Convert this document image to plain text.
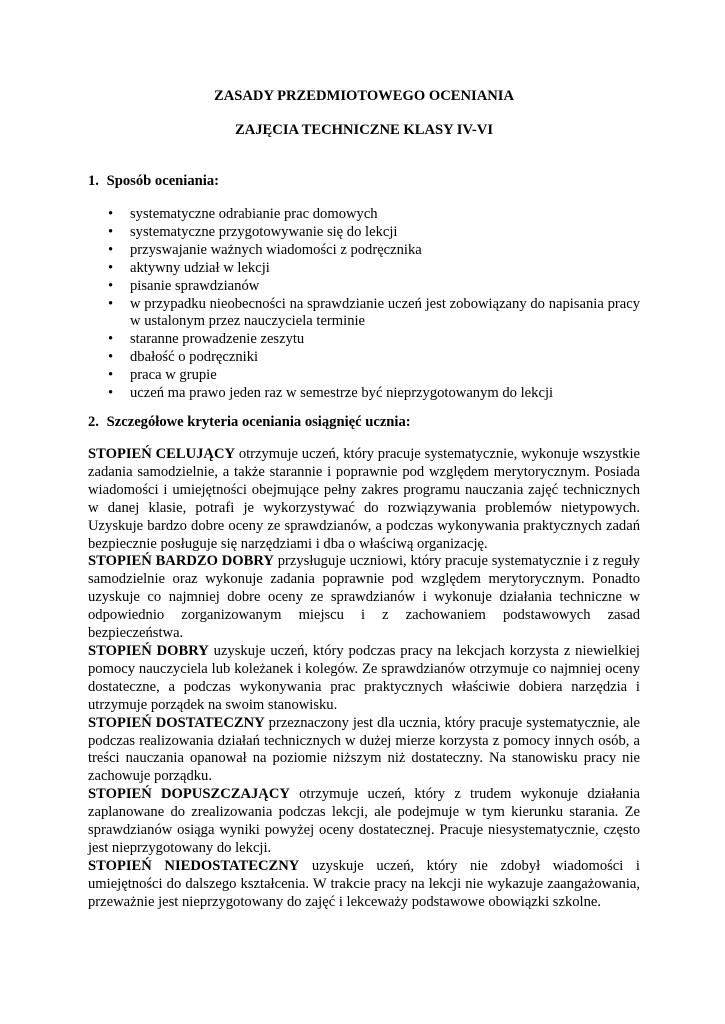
ZASADY PRZEDMIOTOWEGO OCENIANIA

ZAJĘCIA TECHNICZNE KLASY IV-VI

1. Sposób oceniania:

• systematyczne odrabianie prac domowych
• systematyczne przygotowywanie się do lekcji
• przyswajanie ważnych wiadomości z podręcznika
• aktywny udział w lekcji
• pisanie sprawdzianów
• w przypadku nieobecności na sprawdzianie uczeń jest zobowiązany do napisania pracy w ustalonym przez nauczyciela terminie
• staranne prowadzenie zeszytu
• dbałość o podręczniki
• praca w grupie
• uczeń ma prawo jeden raz w semestrze być nieprzygotowanym do lekcji

2. Szczegółowe kryteria oceniania osiągnięć ucznia:

STOPIEŃ CELUJĄCY otrzymuje uczeń, który pracuje systematycznie, wykonuje wszystkie zadania samodzielnie, a także starannie i poprawnie pod względem merytorycznym. Posiada wiadomości i umiejętności obejmujące pełny zakres programu nauczania zajęć technicznych w danej klasie, potrafi je wykorzystywać do rozwiązywania problemów nietypowych. Uzyskuje bardzo dobre oceny ze sprawdzianów, a podczas wykonywania praktycznych zadań bezpiecznie posługuje się narzędziami i dba o właściwą organizację.

STOPIEŃ BARDZO DOBRY przysługuje uczniowi, który pracuje systematycznie i z reguły samodzielnie oraz wykonuje zadania poprawnie pod względem merytorycznym. Ponadto uzyskuje co najmniej dobre oceny ze sprawdzianów i wykonuje działania techniczne w odpowiednio zorganizowanym miejscu i z zachowaniem podstawowych zasad bezpieczeństwa.

STOPIEŃ DOBRY uzyskuje uczeń, który podczas pracy na lekcjach korzysta z niewielkiej pomocy nauczyciela lub koleżanek i kolegów. Ze sprawdzianów otrzymuje co najmniej oceny dostateczne, a podczas wykonywania prac praktycznych właściwie dobiera narzędzia i utrzymuje porządek na swoim stanowisku.

STOPIEŃ DOSTATECZNY przeznaczony jest dla ucznia, który pracuje systematycznie, ale podczas realizowania działań technicznych w dużej mierze korzysta z pomocy innych osób, a treści nauczania opanował na poziomie niższym niż dostateczny. Na stanowisku pracy nie zachowuje porządku.

STOPIEŃ DOPUSZCZAJĄCY otrzymuje uczeń, który z trudem wykonuje działania zaplanowane do zrealizowania podczas lekcji, ale podejmuje w tym kierunku starania. Ze sprawdzianów osiąga wyniki powyżej oceny dostatecznej. Pracuje niesystematycznie, często jest nieprzygotowany do lekcji.

STOPIEŃ NIEDOSTATECZNY uzyskuje uczeń, który nie zdobył wiadomości i umiejętności do dalszego kształcenia. W trakcie pracy na lekcji nie wykazuje zaangażowania, przeważnie jest nieprzygotowany do zajęć i lekceważy podstawowe obowiązki szkolne.
